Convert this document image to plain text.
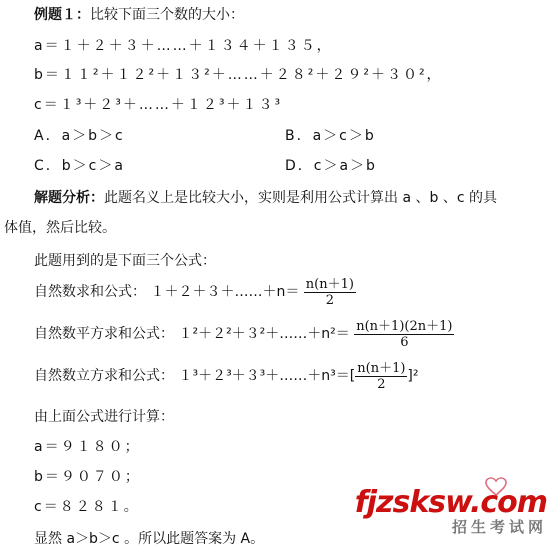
例题１：比较下面三个数的大小：
a＝１＋２＋３＋……＋１３４＋１３５，
b＝１１²＋１２²＋１３²＋……＋２８²＋２９²＋３０²，
c＝１³＋２³＋……＋１２³＋１３³
A．a＞b＞c	B．a＞c＞b
C．b＞c＞a	D．c＞a＞b
解题分析：此题名义上是比较大小，实则是利用公式计算出 a 、b 、c 的具
体值，然后比较。
此题用到的是下面三个公式：
自然数求和公式： １＋２＋３＋……＋n＝ $\frac{n(n+1)}{2}$
自然数平方求和公式： １²＋２²＋３²＋……＋n²＝ $\frac{n(n+1)(2n+1)}{6}$
自然数立方求和公式： １³＋２³＋３³＋……＋n³＝[ $\frac{n(n+1)}{2} ]^2$
由上面公式进行计算：
a＝９１８０；
b＝９０７０；
c＝８２８１。
显然 a＞b＞c 。所以此题答案为 A。
fjzsksw.com
招生考试网
